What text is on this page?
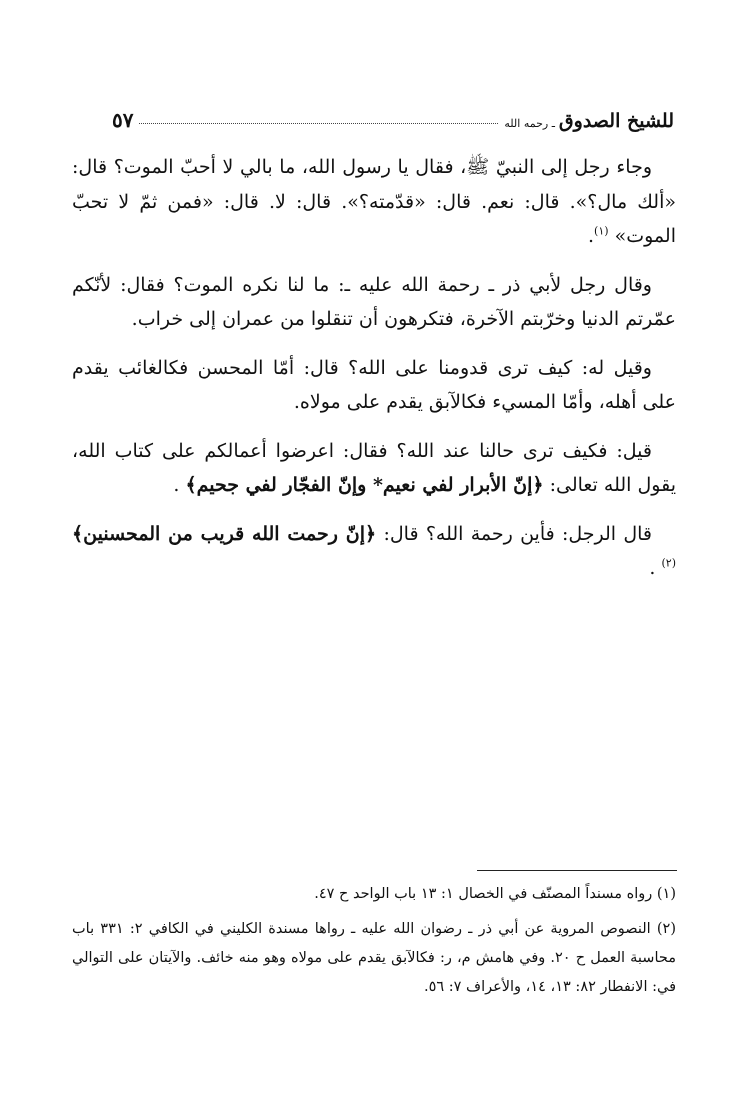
للشيخ الصدوق
ـ رحمه الله
٥٧

وجاء رجل إلى النبيّ ﷺ، فقال يا رسول الله، ما بالي لا أحبّ الموت؟ قال: «ألك مال؟». قال: نعم. قال: «قدّمته؟». قال: لا. قال: «فمن ثمّ لا تحبّ الموت» $^{(١)}$.

وقال رجل لأبي ذر ـ رحمة الله عليه ـ: ما لنا نكره الموت؟ فقال: لأنّكم عمّرتم الدنيا وخرّبتم الآخرة، فتكرهون أن تنقلوا من عمران إلى خراب.

وقيل له: كيف ترى قدومنا على الله؟ قال: أمّا المحسن فكالغائب يقدم على أهله، وأمّا المسيء فكالآبق يقدم على مولاه.

قيل: فكيف ترى حالنا عند الله؟ فقال: اعرضوا أعمالكم على كتاب الله، يقول الله تعالى: ﴿إنّ الأبرار لفي نعيم* وإنّ الفجّار لفي جحيم﴾ .

قال الرجل: فأين رحمة الله؟ قال: ﴿إنّ رحمت الله قريب من المحسنين﴾ $^{(٢)}$ .

(١) رواه مسنداً المصنّف في الخصال ١: ١٣ باب الواحد ح ٤٧.

(٢) النصوص المروية عن أبي ذر ـ رضوان الله عليه ـ رواها مسندة الكليني في الكافي ٢: ٣٣١ باب محاسبة العمل ح ٢٠. وفي هامش م، ر: فكالآبق يقدم على مولاه وهو منه خائف. والآيتان على التوالي في: الانفطار ٨٢: ١٣، ١٤، والأعراف ٧: ٥٦.
